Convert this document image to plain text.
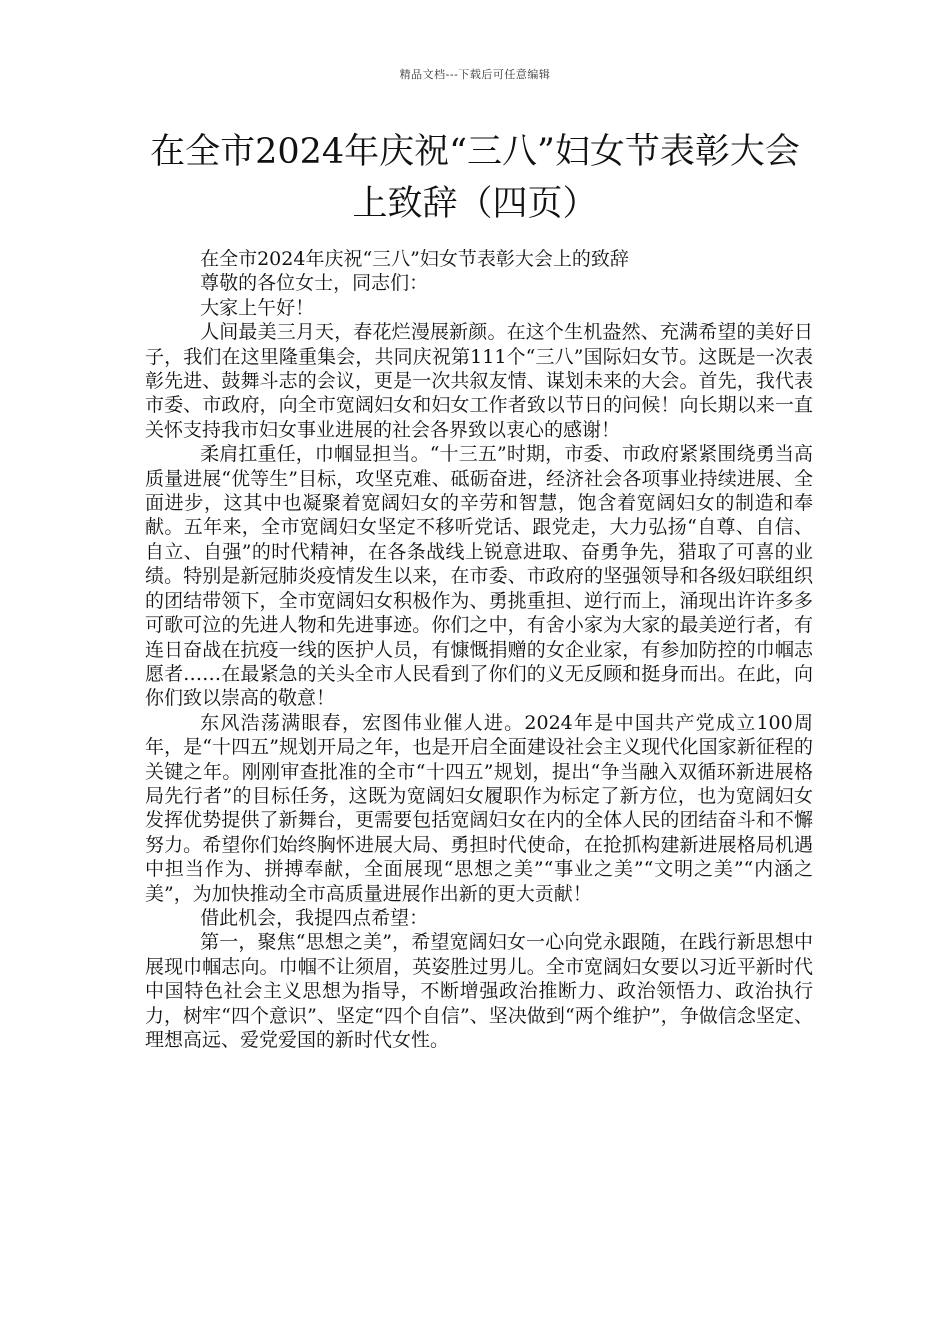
精品文档---下载后可任意编辑
在全市2024年庆祝“三八”妇女节表彰大会上致辞（四页）

在全市2024年庆祝“三八”妇女节表彰大会上的致辞

尊敬的各位女士，同志们：

大家上午好！

人间最美三月天，春花烂漫展新颜。在这个生机盎然、充满希望的美好日子，我们在这里隆重集会，共同庆祝第111个“三八”国际妇女节。这既是一次表彰先进、鼓舞斗志的会议，更是一次共叙友情、谋划未来的大会。首先，我代表市委、市政府，向全市宽阔妇女和妇女工作者致以节日的问候！向长期以来一直关怀支持我市妇女事业进展的社会各界致以衷心的感谢！

柔肩扛重任，巾帼显担当。“十三五”时期，市委、市政府紧紧围绕勇当高质量进展“优等生”目标，攻坚克难、砥砺奋进，经济社会各项事业持续进展、全面进步，这其中也凝聚着宽阔妇女的辛劳和智慧，饱含着宽阔妇女的制造和奉献。五年来，全市宽阔妇女坚定不移听党话、跟党走，大力弘扬“自尊、自信、自立、自强”的时代精神，在各条战线上锐意进取、奋勇争先，猎取了可喜的业绩。特别是新冠肺炎疫情发生以来，在市委、市政府的坚强领导和各级妇联组织的团结带领下，全市宽阔妇女积极作为、勇挑重担、逆行而上，涌现出许许多多可歌可泣的先进人物和先进事迹。你们之中，有舍小家为大家的最美逆行者，有连日奋战在抗疫一线的医护人员，有慷慨捐赠的女企业家，有参加防控的巾帼志愿者……在最紧急的关头全市人民看到了你们的义无反顾和挺身而出。在此，向你们致以崇高的敬意！

东风浩荡满眼春，宏图伟业催人进。2024年是中国共产党成立100周年，是“十四五”规划开局之年，也是开启全面建设社会主义现代化国家新征程的关键之年。刚刚审查批准的全市“十四五”规划，提出“争当融入双循环新进展格局先行者”的目标任务，这既为宽阔妇女履职作为标定了新方位，也为宽阔妇女发挥优势提供了新舞台，更需要包括宽阔妇女在内的全体人民的团结奋斗和不懈努力。希望你们始终胸怀进展大局、勇担时代使命，在抢抓构建新进展格局机遇中担当作为、拼搏奉献，全面展现“思想之美”“事业之美”“文明之美”“内涵之美”，为加快推动全市高质量进展作出新的更大贡献！

借此机会，我提四点希望：

第一，聚焦“思想之美”，希望宽阔妇女一心向党永跟随，在践行新思想中展现巾帼志向。巾帼不让须眉，英姿胜过男儿。全市宽阔妇女要以习近平新时代中国特色社会主义思想为指导，不断增强政治推断力、政治领悟力、政治执行力，树牢“四个意识”、坚定“四个自信”、坚决做到“两个维护”，争做信念坚定、理想高远、爱党爱国的新时代女性。
